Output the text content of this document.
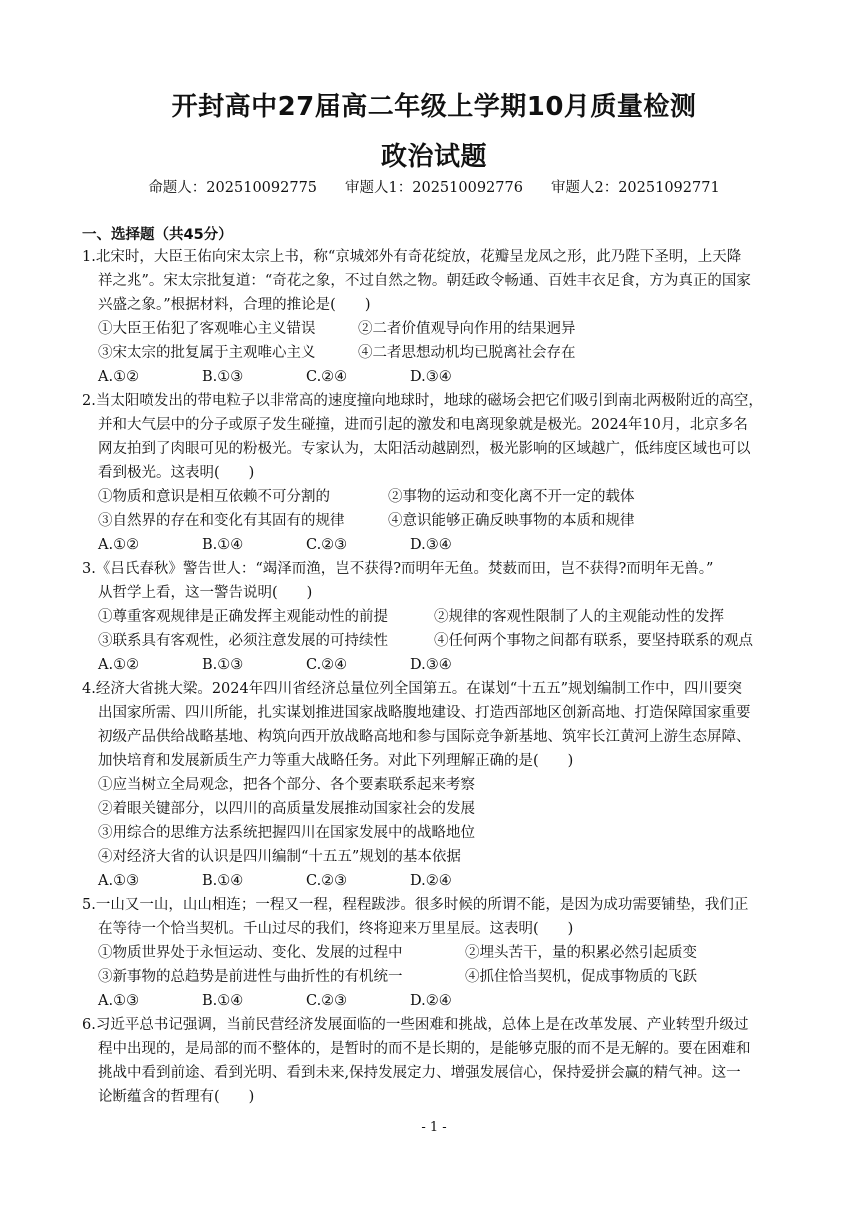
开封高中27届高二年级上学期10月质量检测
政治试题
命题人：202510092775 审题人1：202510092776 审题人2：20251092771
一、选择题（共45分）
1.北宋时，大臣王佑向宋太宗上书，称“京城郊外有奇花绽放，花瓣呈龙凤之形，此乃陛下圣明，上天降
祥之兆”。宋太宗批复道：“奇花之象，不过自然之物。朝廷政令畅通、百姓丰衣足食，方为真正的国家
兴盛之象。”根据材料，合理的推论是(　　)
①大臣王佑犯了客观唯心主义错误	②二者价值观导向作用的结果迥异
③宋太宗的批复属于主观唯心主义	④二者思想动机均已脱离社会存在
A.①②	B.①③	C.②④	D.③④
2.当太阳喷发出的带电粒子以非常高的速度撞向地球时，地球的磁场会把它们吸引到南北两极附近的高空，
并和大气层中的分子或原子发生碰撞，进而引起的激发和电离现象就是极光。2024年10月，北京多名
网友拍到了肉眼可见的粉极光。专家认为，太阳活动越剧烈，极光影响的区域越广，低纬度区域也可以
看到极光。这表明(　　)
①物质和意识是相互依赖不可分割的	②事物的运动和变化离不开一定的载体
③自然界的存在和变化有其固有的规律	④意识能够正确反映事物的本质和规律
A.①②	B.①④	C.②③	D.③④
3.《吕氏春秋》警告世人：“竭泽而渔，岂不获得?而明年无鱼。焚薮而田，岂不获得?而明年无兽。”
从哲学上看，这一警告说明(　　)
①尊重客观规律是正确发挥主观能动性的前提	②规律的客观性限制了人的主观能动性的发挥
③联系具有客观性，必须注意发展的可持续性	④任何两个事物之间都有联系，要坚持联系的观点
A.①②	B.①③	C.②④	D.③④
4.经济大省挑大梁。2024年四川省经济总量位列全国第五。在谋划“十五五”规划编制工作中，四川要突
出国家所需、四川所能，扎实谋划推进国家战略腹地建设、打造西部地区创新高地、打造保障国家重要
初级产品供给战略基地、构筑向西开放战略高地和参与国际竞争新基地、筑牢长江黄河上游生态屏障、
加快培育和发展新质生产力等重大战略任务。对此下列理解正确的是(　　)
①应当树立全局观念，把各个部分、各个要素联系起来考察
②着眼关键部分，以四川的高质量发展推动国家社会的发展
③用综合的思维方法系统把握四川在国家发展中的战略地位
④对经济大省的认识是四川编制“十五五”规划的基本依据
A.①③	B.①④	C.②③	D.②④
5.一山又一山，山山相连；一程又一程，程程跋涉。很多时候的所谓不能，是因为成功需要铺垫，我们正
在等待一个恰当契机。千山过尽的我们，终将迎来万里星辰。这表明(　　)
①物质世界处于永恒运动、变化、发展的过程中	②埋头苦干，量的积累必然引起质变
③新事物的总趋势是前进性与曲折性的有机统一	④抓住恰当契机，促成事物质的飞跃
A.①③	B.①④	C.②③	D.②④
6.习近平总书记强调，当前民营经济发展面临的一些困难和挑战，总体上是在改革发展、产业转型升级过
程中出现的，是局部的而不整体的，是暂时的而不是长期的，是能够克服的而不是无解的。要在困难和
挑战中看到前途、看到光明、看到未来,保持发展定力、增强发展信心，保持爱拼会赢的精气神。这一
论断蕴含的哲理有(　　)
- 1 -
